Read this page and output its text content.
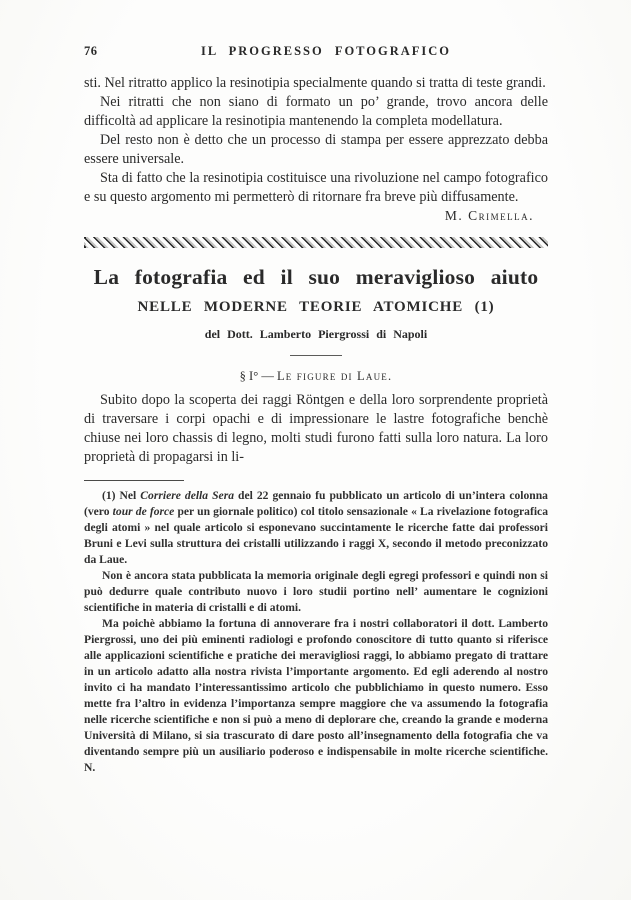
76	IL PROGRESSO FOTOGRAFICO

sti. Nel ritratto applico la resinotipia specialmente quando si tratta di teste grandi.

Nei ritratti che non siano di formato un po’ grande, trovo ancora delle difficoltà ad applicare la resinotipia mantenendo la completa modellatura.

Del resto non è detto che un processo di stampa per essere apprezzato debba essere universale.

Sta di fatto che la resinotipia costituisce una rivoluzione nel campo fotografico e su questo argomento mi permetterò di ritornare fra breve più diffusamente.

M. Crimella.
La fotografia ed il suo meraviglioso aiuto
NELLE MODERNE TEORIE ATOMICHE (1)
del Dott. Lamberto Piergrossi di Napoli
§ I° — Le figure di Laue.

Subito dopo la scoperta dei raggi Röntgen e della loro sorprendente proprietà di traversare i corpi opachi e di impressionare le lastre fotografiche benchè chiuse nei loro chassis di legno, molti studi furono fatti sulla loro natura. La loro proprietà di propagarsi in li-

(1) Nel Corriere della Sera del 22 gennaio fu pubblicato un articolo di un’intera colonna (vero tour de force per un giornale politico) col titolo sensazionale « La rivelazione fotografica degli atomi » nel quale articolo si esponevano succintamente le ricerche fatte dai professori Bruni e Levi sulla struttura dei cristalli utilizzando i raggi X, secondo il metodo preconizzato da Laue.

Non è ancora stata pubblicata la memoria originale degli egregi professori e quindi non si può dedurre quale contributo nuovo i loro studii portino nell’ aumentare le cognizioni scientifiche in materia di cristalli e di atomi.

Ma poichè abbiamo la fortuna di annoverare fra i nostri collaboratori il dott. Lamberto Piergrossi, uno dei più eminenti radiologi e profondo conoscitore di tutto quanto si riferisce alle applicazioni scientifiche e pratiche dei meravigliosi raggi, lo abbiamo pregato di trattare in un articolo adatto alla nostra rivista l’importante argomento. Ed egli aderendo al nostro invito ci ha mandato l’interessantissimo articolo che pubblichiamo in questo numero. Esso mette fra l’altro in evidenza l’importanza sempre maggiore che va assumendo la fotografia nelle ricerche scientifiche e non si può a meno di deplorare che, creando la grande e moderna Università di Milano, si sia trascurato di dare posto all’insegnamento della fotografia che va diventando sempre più un ausiliario poderoso e indispensabile in molte ricerche scientifiche. N.
